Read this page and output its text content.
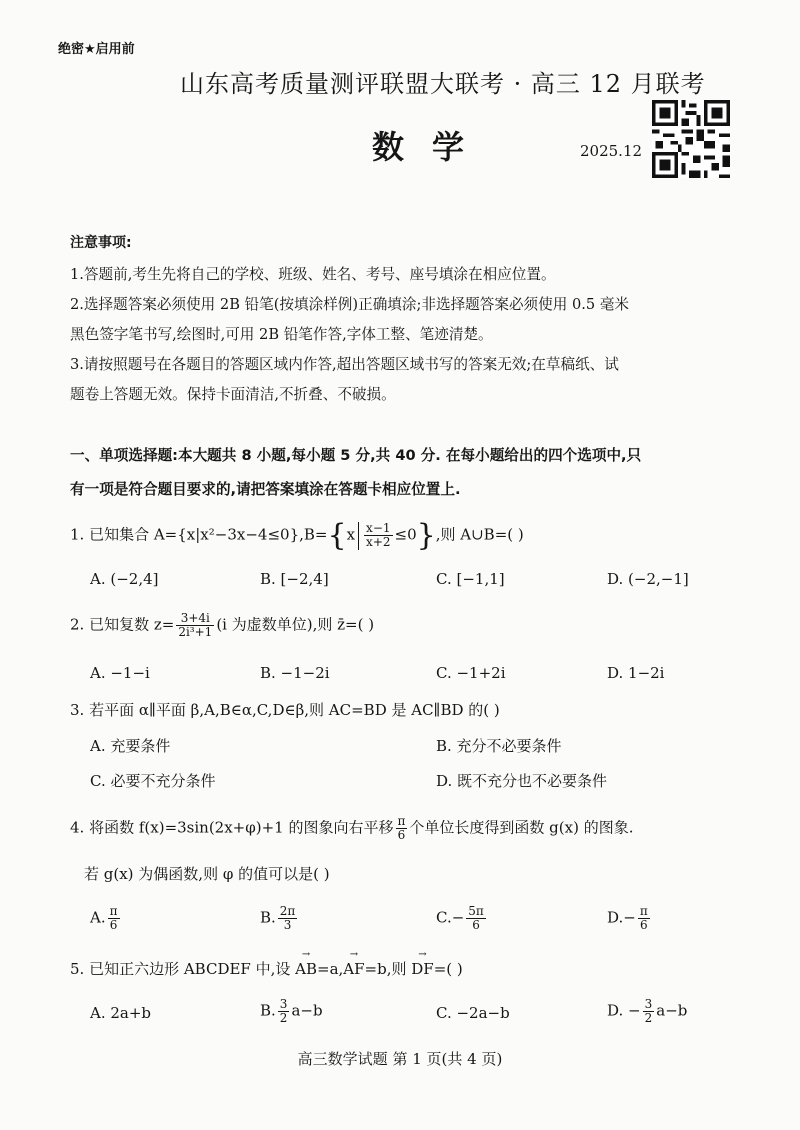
绝密★启用前
山东高考质量测评联盟大联考 · 高三 12 月联考
数学	2025.12
注意事项:
1.答题前,考生先将自己的学校、班级、姓名、考号、座号填涂在相应位置。
2.选择题答案必须使用 2B 铅笔(按填涂样例)正确填涂;非选择题答案必须使用 0.5 毫米
黑色签字笔书写,绘图时,可用 2B 铅笔作答,字体工整、笔迹清楚。
3.请按照题号在各题目的答题区域内作答,超出答题区域书写的答案无效;在草稿纸、试
题卷上答题无效。保持卡面清洁,不折叠、不破损。
一、单项选择题:本大题共 8 小题,每小题 5 分,共 40 分. 在每小题给出的四个选项中,只
有一项是符合题目要求的,请把答案填涂在答题卡相应位置上.
1. 已知集合 $A=\{x|x^2-3x-4\le 0\},B=\{x \frac{x-1}{x+2} \le 0\}$,则 A∪B=( )
A. (−2,4]	B. [−2,4]	C. [−1,1]	D. (−2,−1]
2. 已知复数 $z= \frac{3+4i}{\text{2i³+1}} (i$ 为虚数单位),则 z̄=( )
A. −1−i	B. −1−2i	C. −1+2i	D. 1−2i
3. 若平面 α∥平面 β,A,B∈α,C,D∈β,则 AC=BD 是 AC∥BD 的( )
A. 充要条件	B. 充分不必要条件
C. 必要不充分条件	D. 既不充分也不必要条件
4. 将函数 f(x)=3sin(2x+φ)+1 的图象向右平移 $\frac{\pi}{6}$ 个单位长度得到函数 g(x) 的图象.
若 g(x) 为偶函数,则 φ 的值可以是( )
A. $\frac{\pi}{6}$	B. $\frac{2\pi}{3}$	$C.- \frac{5\pi}{6}$	$D.- \frac{\pi}{6}$
5. 已知正六边形 ABCDEF 中,设 → AB=a,→ AF=b,则 → DF=( )
A. 2a+b	B. $\frac{3}{2} a-b$	C. −2a−b	D. − $\frac{3}{2} a-b$
高三数学试题 第 1 页(共 4 页)
